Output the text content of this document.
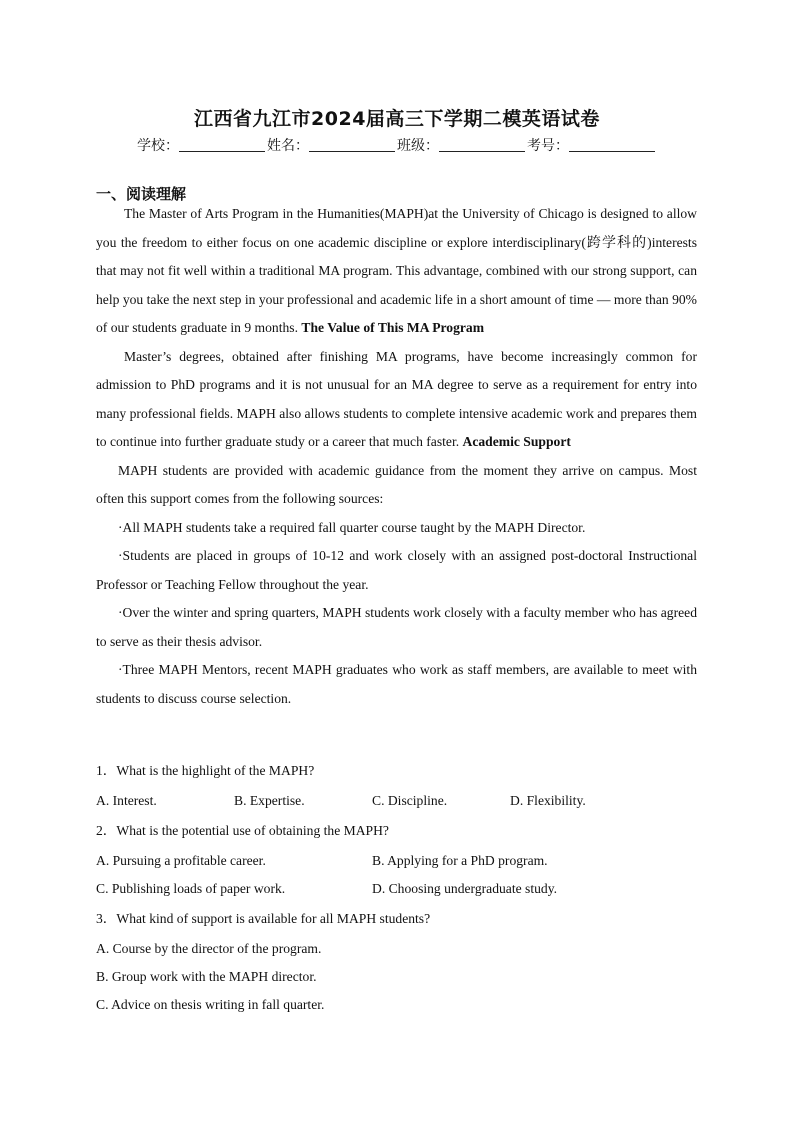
江西省九江市2024届高三下学期二模英语试卷
学校：	姓名：	班级：	考号：
一、阅读理解

The Master of Arts Program in the Humanities(MAPH)at the University of Chicago is designed to allow you the freedom to either focus on one academic discipline or explore interdisciplinary(跨学科的)interests that may not fit well within a traditional MA program. This advantage, combined with our strong support, can help you take the next step in your professional and academic life in a short amount of time — more than 90% of our students graduate in 9 months. The Value of This MA Program

Master’s degrees, obtained after finishing MA programs, have become increasingly common for admission to PhD programs and it is not unusual for an MA degree to serve as a requirement for entry into many professional fields. MAPH also allows students to complete intensive academic work and prepares them to continue into further graduate study or a career that much faster. Academic Support

MAPH students are provided with academic guidance from the moment they arrive on campus. Most often this support comes from the following sources:

·All MAPH students take a required fall quarter course taught by the MAPH Director.

·Students are placed in groups of 10-12 and work closely with an assigned post-doctoral Instructional Professor or Teaching Fellow throughout the year.

·Over the winter and spring quarters, MAPH students work closely with a faculty member who has agreed to serve as their thesis advisor.

·Three MAPH Mentors, recent MAPH graduates who work as staff members, are available to meet with students to discuss course selection.

1．What is the highlight of the MAPH?

A. Interest.	B. Expertise.	C. Discipline.	D. Flexibility.

2．What is the potential use of obtaining the MAPH?

A. Pursuing a profitable career.	B. Applying for a PhD program.
C. Publishing loads of paper work.	D. Choosing undergraduate study.

3．What kind of support is available for all MAPH students?

A. Course by the director of the program.

B. Group work with the MAPH director.

C. Advice on thesis writing in fall quarter.
